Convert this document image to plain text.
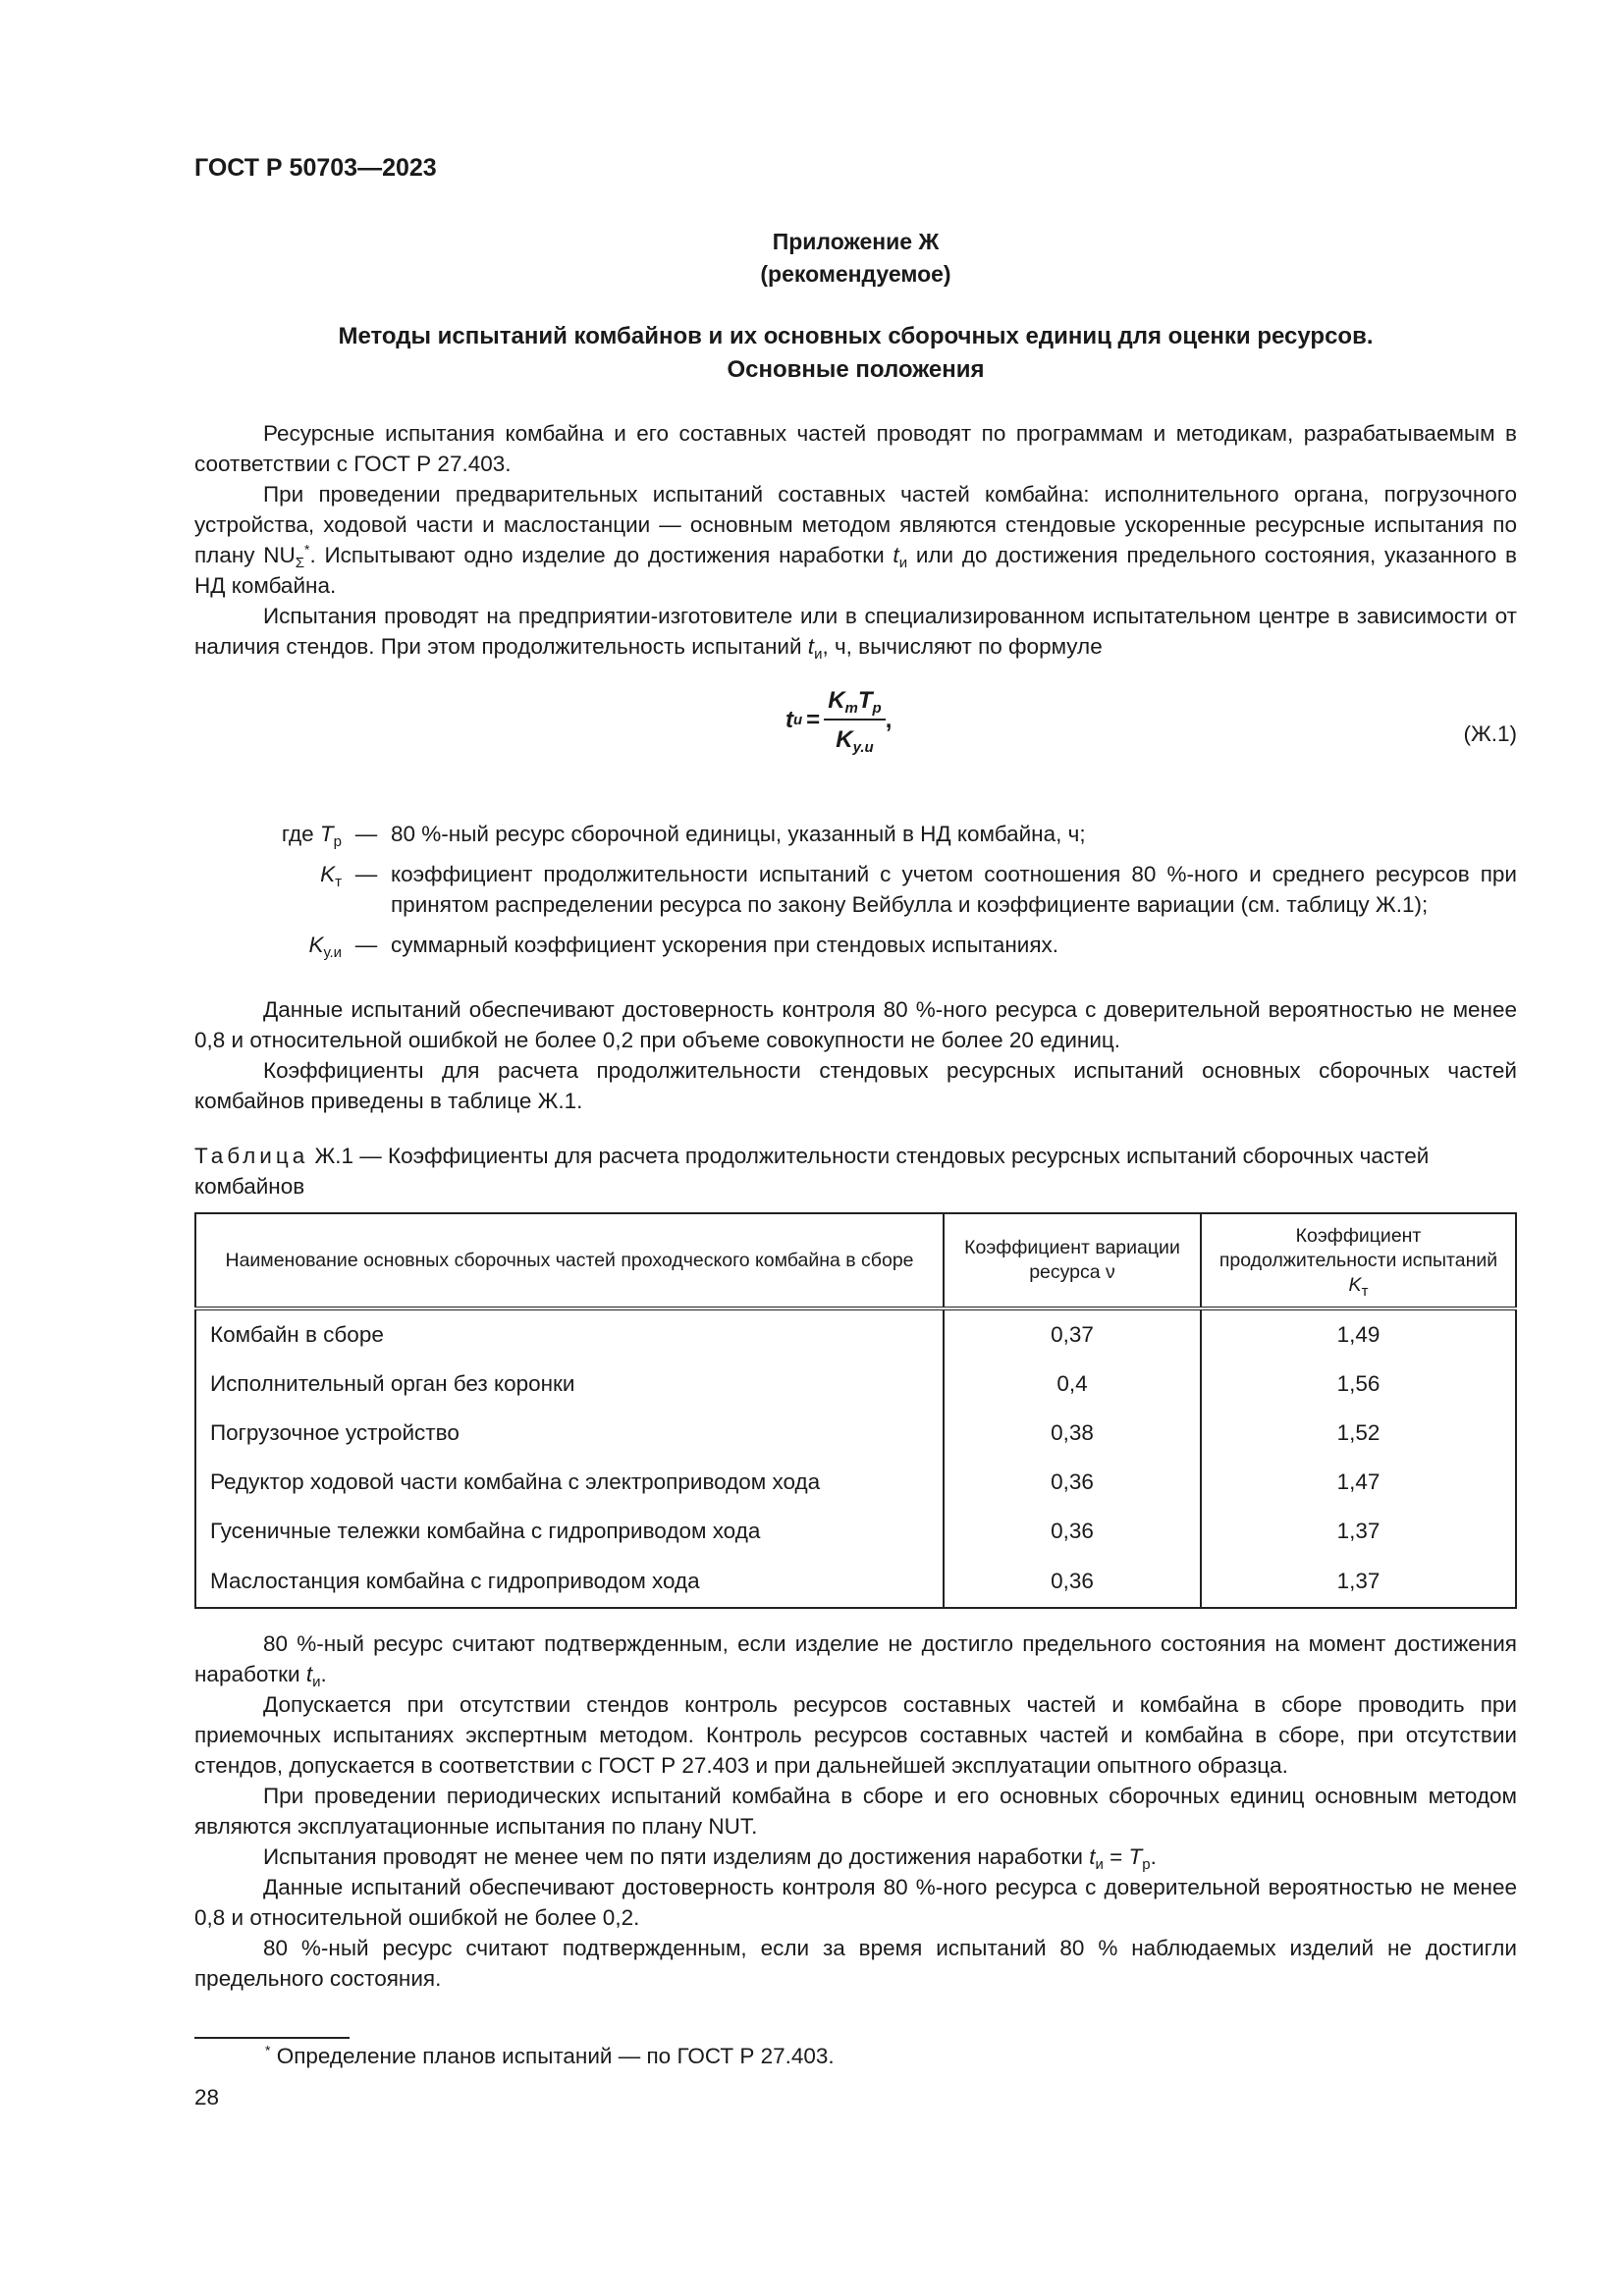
ГОСТ Р 50703—2023
Приложение Ж
(рекомендуемое)
Методы испытаний комбайнов и их основных сборочных единиц для оценки ресурсов.
Основные положения

Ресурсные испытания комбайна и его составных частей проводят по программам и методикам, разрабатываемым в соответствии с ГОСТ Р 27.403.

При проведении предварительных испытаний составных частей комбайна: исполнительного органа, погрузочного устройства, ходовой части и маслостанции — основным методом являются стендовые ускоренные ресурсные испытания по плану $NU_\Sigma^*$. Испытывают одно изделие до достижения наработки $t_и$ или до достижения предельного состояния, указанного в НД комбайна.

Испытания проводят на предприятии-изготовителе или в специализированном испытательном центре в зависимости от наличия стендов. При этом продолжительность испытаний $t_и$, ч, вычисляют по формуле

t и =
$K_тT_р$
$K_{у.и}$
,
(Ж.1)
где $T_р$ — 80 %-ный ресурс сборочной единицы, указанный в НД комбайна, ч;
$K_т$ — коэффициент продолжительности испытаний с учетом соотношения 80 %-ного и среднего ресурсов при принятом распределении ресурса по закону Вейбулла и коэффициенте вариации (см. таблицу Ж.1);
$K_{у.и}$ — суммарный коэффициент ускорения при стендовых испытаниях.

Данные испытаний обеспечивают достоверность контроля 80 %-ного ресурса с доверительной вероятностью не менее 0,8 и относительной ошибкой не более 0,2 при объеме совокупности не более 20 единиц.

Коэффициенты для расчета продолжительности стендовых ресурсных испытаний основных сборочных частей комбайнов приведены в таблице Ж.1.

Таблица Ж.1 — Коэффициенты для расчета продолжительности стендовых ресурсных испытаний сборочных частей комбайнов
Наименование основных сборочных частей проходческого комбайна в сборе	Коэффициент вариации ресурса ν	Коэффициент продолжительности испытаний $K_т$
Комбайн в сборе	0,37	1,49
Исполнительный орган без коронки	0,4	1,56
Погрузочное устройство	0,38	1,52
Редуктор ходовой части комбайна с электроприводом хода	0,36	1,47
Гусеничные тележки комбайна с гидроприводом хода	0,36	1,37
Маслостанция комбайна с гидроприводом хода	0,36	1,37

80 %-ный ресурс считают подтвержденным, если изделие не достигло предельного состояния на момент достижения наработки $t_и$.

Допускается при отсутствии стендов контроль ресурсов составных частей и комбайна в сборе проводить при приемочных испытаниях экспертным методом. Контроль ресурсов составных частей и комбайна в сборе, при отсутствии стендов, допускается в соответствии с ГОСТ Р 27.403 и при дальнейшей эксплуатации опытного образца.

При проведении периодических испытаний комбайна в сборе и его основных сборочных единиц основным методом являются эксплуатационные испытания по плану NUT.

Испытания проводят не менее чем по пяти изделиям до достижения наработки $t_и = T_р$.

Данные испытаний обеспечивают достоверность контроля 80 %-ного ресурса с доверительной вероятностью не менее 0,8 и относительной ошибкой не более 0,2.

80 %-ный ресурс считают подтвержденным, если за время испытаний 80 % наблюдаемых изделий не достигли предельного состояния.

* Определение планов испытаний — по ГОСТ Р 27.403.
28
